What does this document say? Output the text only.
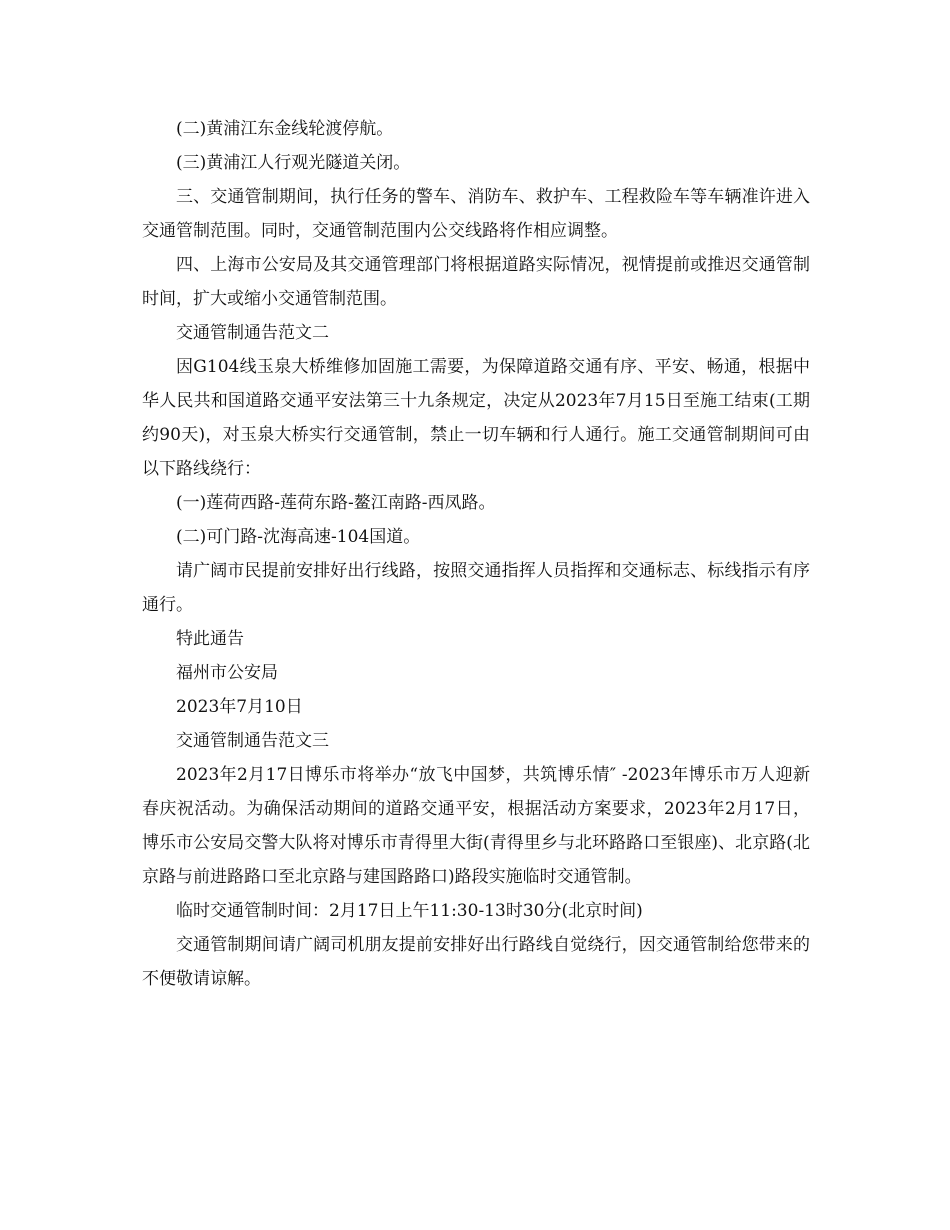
(二)黄浦江东金线轮渡停航。

(三)黄浦江人行观光隧道关闭。

三、交通管制期间，执行任务的警车、消防车、救护车、工程救险车等车辆准许进入交通管制范围。同时，交通管制范围内公交线路将作相应调整。

四、上海市公安局及其交通管理部门将根据道路实际情况，视情提前或推迟交通管制时间，扩大或缩小交通管制范围。

交通管制通告范文二

因G104线玉泉大桥维修加固施工需要，为保障道路交通有序、平安、畅通，根据中华人民共和国道路交通平安法第三十九条规定，决定从2023年7月15日至施工结束(工期约90天)，对玉泉大桥实行交通管制，禁止一切车辆和行人通行。施工交通管制期间可由以下路线绕行：

(一)莲荷西路-莲荷东路-鳌江南路-西凤路。

(二)可门路-沈海高速-104国道。

请广阔市民提前安排好出行线路，按照交通指挥人员指挥和交通标志、标线指示有序通行。

特此通告

福州市公安局

2023年7月10日

交通管制通告范文三

2023年2月17日博乐市将举办“放飞中国梦，共筑博乐情″ -2023年博乐市万人迎新春庆祝活动。为确保活动期间的道路交通平安，根据活动方案要求，2023年2月17日，博乐市公安局交警大队将对博乐市青得里大街(青得里乡与北环路路口至银座)、北京路(北京路与前进路路口至北京路与建国路路口)路段实施临时交通管制。

临时交通管制时间：2月17日上午11:30-13时30分(北京时间)

交通管制期间请广阔司机朋友提前安排好出行路线自觉绕行，因交通管制给您带来的不便敬请谅解。
